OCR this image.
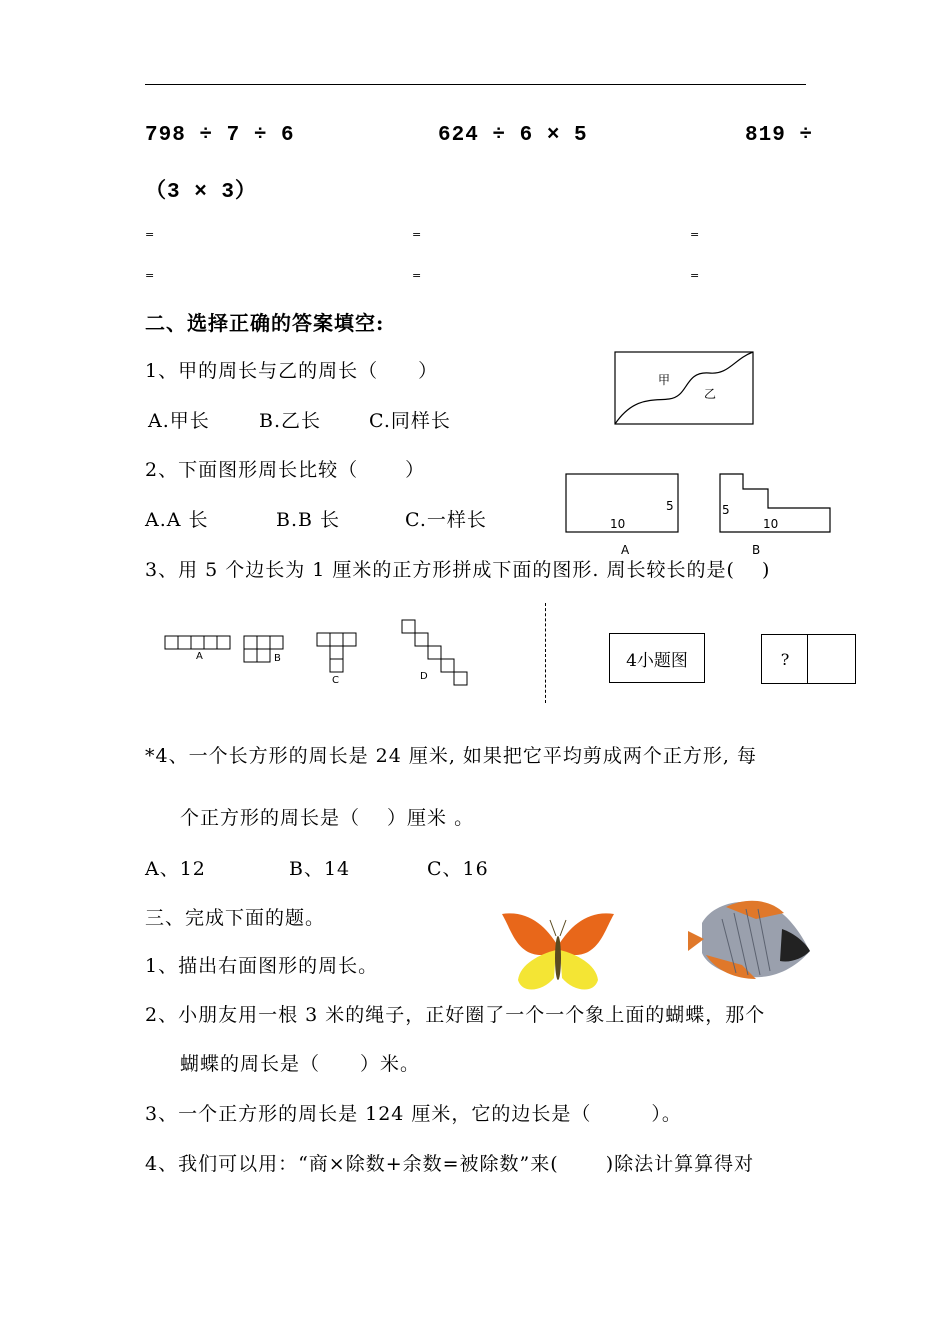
798 ÷ 7 ÷ 6	624 ÷ 6 × 5	819 ÷
（3 × 3）
=	=	=
=	=	=
二、选择正确的答案填空:
1、甲的周长与乙的周长（　　）
A.甲长	B.乙长	C.同样长
甲
乙
2、下面图形周长比较（　　 ）
A.A 长	B.B 长	C.一样长	10
5
A
5
10
B
3、用 5 个边长为 1 厘米的正方形拼成下面的图形. 周长较长的是(　 )
A	B
C	D
4小题图	?
*4、一个长方形的周长是 24 厘米, 如果把它平均剪成两个正方形, 每
个正方形的周长是（　 ）厘米 。
A、12	B、14	C、16
三、完成下面的题。
1、描出右面图形的周长。
2、小朋友用一根 3 米的绳子，正好圈了一个一个象上面的蝴蝶，那个
蝴蝶的周长是（　　）米。
3、一个正方形的周长是 124 厘米，它的边长是（　　　）。
4、我们可以用：“商×除数+余数=被除数”来(　　 )除法计算算得对
